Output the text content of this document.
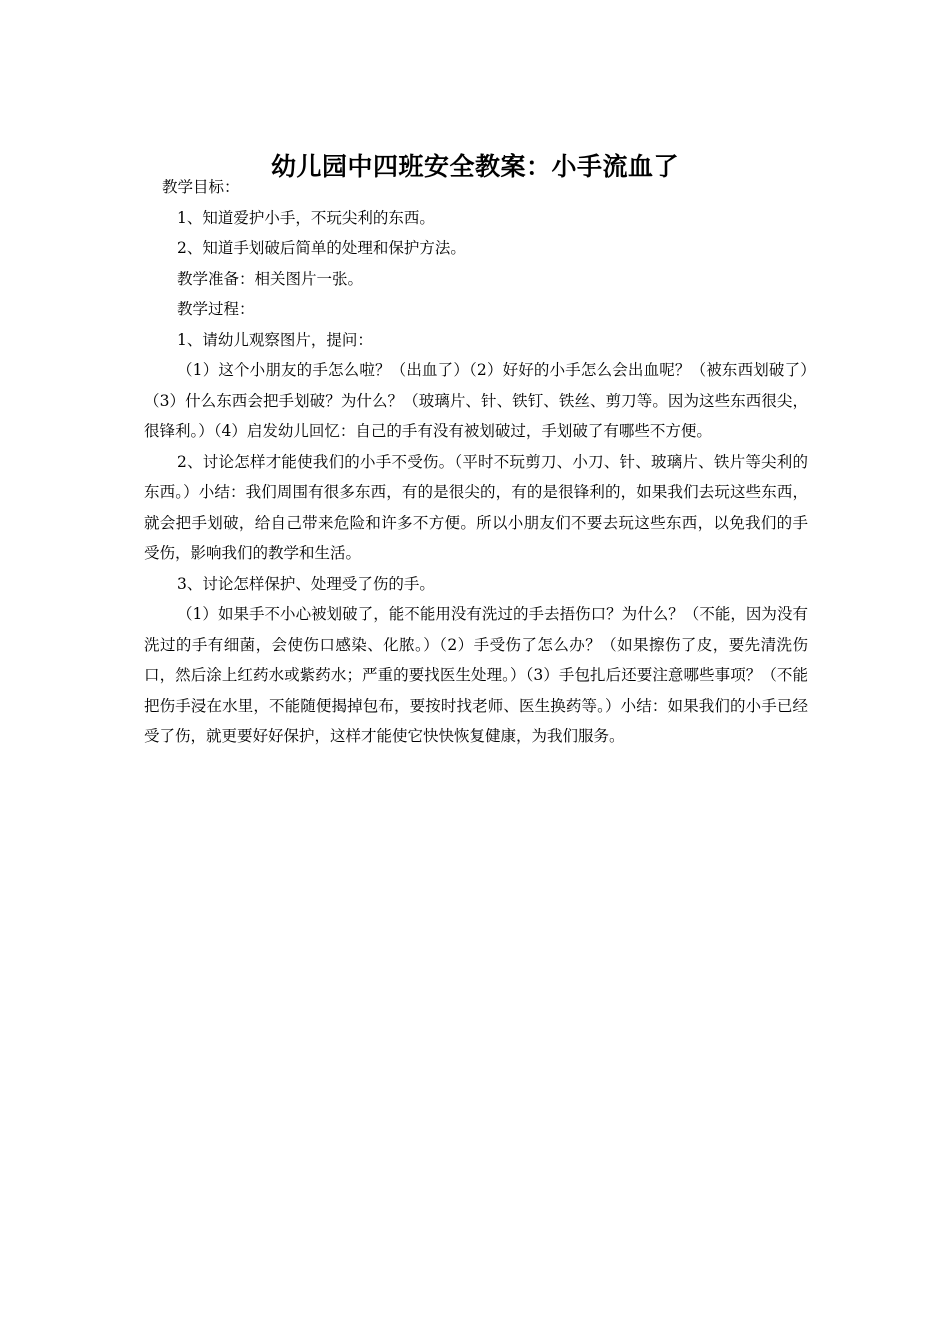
幼儿园中四班安全教案：小手流血了

教学目标：

1、知道爱护小手，不玩尖利的东西。

2、知道手划破后简单的处理和保护方法。

教学准备：相关图片一张。

教学过程：

1、请幼儿观察图片，提问：

（1）这个小朋友的手怎么啦？（出血了）（2）好好的小手怎么会出血呢？（被东西划破了）（3）什么东西会把手划破？为什么？（玻璃片、针、铁钉、铁丝、剪刀等。因为这些东西很尖，很锋利。）（4）启发幼儿回忆：自己的手有没有被划破过，手划破了有哪些不方便。

2、讨论怎样才能使我们的小手不受伤。（平时不玩剪刀、小刀、针、玻璃片、铁片等尖利的东西。）小结：我们周围有很多东西，有的是很尖的，有的是很锋利的，如果我们去玩这些东西，就会把手划破，给自己带来危险和许多不方便。所以小朋友们不要去玩这些东西，以免我们的手受伤，影响我们的教学和生活。

3、讨论怎样保护、处理受了伤的手。

（1）如果手不小心被划破了，能不能用没有洗过的手去捂伤口？为什么？（不能，因为没有洗过的手有细菌，会使伤口感染、化脓。）（2）手受伤了怎么办？（如果擦伤了皮，要先清洗伤口，然后涂上红药水或紫药水；严重的要找医生处理。）（3）手包扎后还要注意哪些事项？（不能把伤手浸在水里，不能随便揭掉包布，要按时找老师、医生换药等。）小结：如果我们的小手已经受了伤，就更要好好保护，这样才能使它快快恢复健康，为我们服务。
